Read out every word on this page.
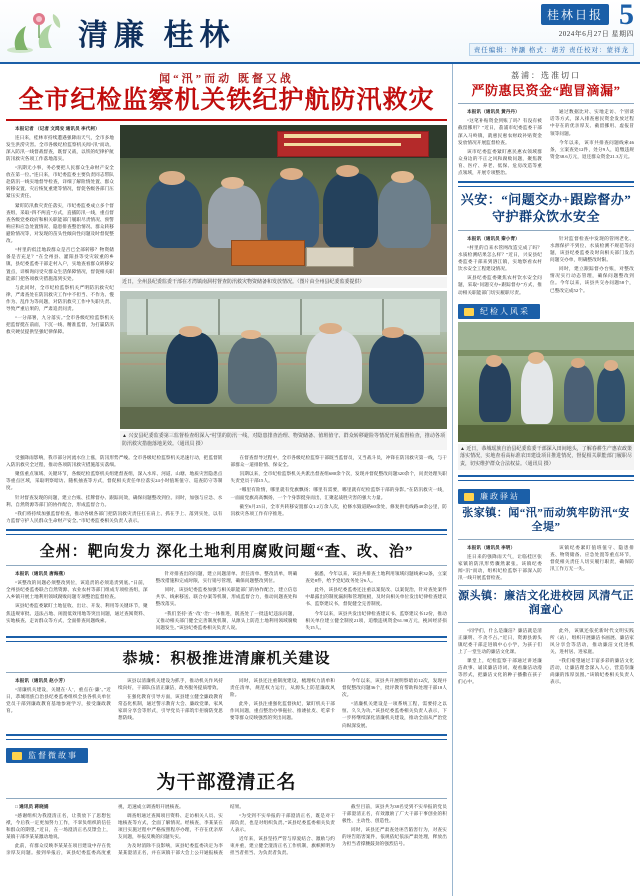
清廉 桂林
桂林日报 5
2024年6月27日 星期四
责任编辑：钟灏 格式：胡芳 责任校对：蒙祥龙
闻“汛”而动 既督又战
全市纪检监察机关铁纪护航防汛救灾

本报记者 （记者 文鸿安 通讯员 李代柯）

连日来，桂林市持续遭遇强降雨天气，全市多地发生洪涝灾害。全市各级纪检监察机关闻“汛”而动，深入防汛一线督战督查，既督又战，以铁的纪律护航防汛救灾各项工作落地落实。

“汛期无小事，务必要把人民群众生命财产安全放在第一位。”连日来，市纪委监委主要负责同志带队赴防汛一线实地督导检查，详细了解险情处置、群众转移安置、灾后恢复重建等情况，督促各级各部门压紧压实责任。

紧盯防汛救灾责任落实，市纪委监委成立多个督查组，采取“四不两直”方式，直插防汛一线，重点督查各级党委政府和相关职能部门履职尽责情况、预警响应和应急处置情况、隐患排查整治情况、群众转移避险情况等，对发现的苗头性倾向性问题及时督促整改。

“村里的低洼地段群众是否已全部转移？物资储备是否充足？”在全州县、灌阳县等受灾较重的乡镇，县纪委监委干部走村入户，实地查看群众转移安置点，详细询问受灾群众生活保障情况，督促相关职能部门把各项救灾措施落到实处。

与此同时，全市纪检监察机关严明防汛救灾纪律，严肃查处在防汛救灾工作中不担当、不作为、慢作为、乱作为等问题，对防汛救灾工作中失职失责、导致严重后果的，严肃追责问责。

“一分部署，九分落实。”全市各级纪检监察机关把监督挺在前面，下沉一线、精准监督，为打赢防汛救灾硬仗提供坚强纪律保障。

近日，全州县纪委监委干部在才湾镇南洞村督查防汛救灾物资储备和发放情况。（图片由全州县纪委监委提供）
▲ 兴安县纪委监委第三监督检查组深入“村里的防汛一线，对隐患排查治理、物资储备、值班值守、群众转移避险等情况开展监督检查，推动各项防汛救灾措施落地见效。（通讯员 摄）

受强降雨影响，我市部分河流水位上涨，防汛形势严峻。全市各级纪检监察机关迅速行动，把监督嵌入防汛救灾全过程，推动各项防汛救灾措施落实落细。

聚焦重点领域、关键环节，各级纪检监察机关组建督查组，深入水库、河道、山塘、地质灾害隐患点等重点区域，采取明察暗访、随机抽查等方式，督促相关责任单位落实24小时值班值守、巡查防守等制度。

针对督查发现的问题，建立台账、挂牌督办、跟踪问效，确保问题整改到位。同时，加强与应急、水利、自然资源等部门的协作配合，形成监督合力。

“我们将持续加强监督检查，推动各级各部门把防汛救灾责任扛在肩上、抓在手上、落到实处，以有力监督守护人民群众生命财产安全。”市纪委监委相关负责人表示。

在督查督导过程中，全市各级纪检监察干部既当监督员，又当战斗员，冲锋在防汛救灾第一线，与干部群众一道排险情、保安全。

汛期以来，全市纪检监察机关共派出督查组680余个次，发现并督促整改问题320余个，问责处理失职失责党员干部15人。

“哪里有险情，哪里就有党旗飘扬；哪里有需要，哪里就有纪检监察干部的身影。”在防汛救灾一线，一面面党旗高高飘扬，一个个身影挺身而出，汇聚起战胜灾害的强大力量。

截至6月25日，全市共转移安置群众1.2万余人次，抢修水毁道路60余处，修复供电线路40余公里，防汛救灾各项工作有序推进。

全州：靶向发力 深化土地利用腐败问题“查、改、治”

本报讯（通讯员 唐海燕）

“该整改的问题必须整改到位，该追责的必须追责到底。”日前，全州县纪委监委联合自然资源、农业农村等部门组成专项检查组，深入乡镇开展土地利用领域腐败问题专项整治监督检查。

该县纪委监委紧盯土地征收、出让、开发、利用等关键环节，聚焦违规审批、违法占地、闲置低效用地等突出问题，通过查阅资料、实地核查、走访群众等方式，全面排查问题线索。

针对排查出的问题，建立问题清单、责任清单、整改清单，明确整改措施和完成时限，实行销号管理，确保问题整改到位。

同时，该县纪委监委加强与相关职能部门的协作配合，建立信息共享、线索移送、联合办案等机制，形成监督合力，推动问题查处和整改落实。

“我们坚持‘查’‘改’‘治’一体推进，既查处了一批违纪违法问题，又推动相关部门健全完善制度机制，从源头上防范土地利用领域腐败问题发生。”该县纪委监委相关负责人说。

据悉，今年以来，该县共排查土地利用领域问题线索32条，立案查处8件，给予党纪政务处分6人。

此外，该县纪委监委还注重以案促改、以案促治，针对查处案件中暴露出的制度漏洞和管理短板，及时向相关单位发出纪律检查建议书、监察建议书，督促健全完善制度。

今年以来，该县共发出纪律检查建议书、监察建议书12份，推动相关单位建立健全制度21项，追缴违规资金61.98万元，挽回经济损失15人。

恭城：积极推进清廉机关建设

本报讯（通讯员 赵小芳）

“清廉机关建设，关键在‘人’，重点在‘廉’。”近日，恭城瑶族自治县纪委监委组织全县各机关单位党员干部到廉政教育基地参观学习，接受廉政教育。

该县以清廉机关建设为抓手，推动机关作风持续向好，干部队伍清正廉洁，政务服务提质增效。

在强化教育引导方面，该县建立健全廉政教育常态化机制，通过警示教育大会、廉政党课、家风家训分享会等形式，引导党员干部筑牢拒腐防变思想防线。

同时，该县还注重制度建设，梳理权力清单和责任清单，规范权力运行，从源头上防范廉政风险。

此外，该县注重强化监督执纪，紧盯机关干部作风问题，重点整治办事拖拉、推诿扯皮、吃拿卡要等群众反映强烈的突出问题。

今年以来，该县共开展明察暗访12次，发现并督促整改问题36个，批评教育帮助和处理干部18人次。

“清廉机关建设是一项系统工程，需要持之以恒、久久为功。”该县纪委监委相关负责人表示，下一步将继续深化清廉机关建设，推动全面从严治党向纵深发展。

监督微故事
为干部澄清正名

□ 通讯员 蒋晓娟

“感谢组织为我澄清正名，让我放下了思想包袱，今后我一定更加努力工作，不辜负组织的信任和群众的期望。”近日，在一场澄清正名反馈会上，某镇干部李某某激动地说。

此前，有群众反映李某某在项目建设中存在优亲厚友问题。接到举报后，该县纪委监委高度重视，迅速成立调查组开展核查。

调查组通过查阅项目资料、走访相关人员、实地核查等方式，全面了解情况。经核查，李某某在项目实施过程中严格按照程序办理，不存在优亲厚友问题，举报反映的问题失实。

为及时消除不良影响，该县纪委监委决定为李某某澄清正名，并在该镇干部大会上公开通报核查结果。

“为受到不实举报的干部澄清正名，既是对干部负责，也是对组织负责。”该县纪委监委相关负责人表示。

近年来，该县坚持严管与厚爱结合、激励与约束并重，建立健全澄清正名工作机制，旗帜鲜明为担当者担当、为负责者负责。

截至目前，该县共为38名受到不实举报的党员干部澄清正名，有效激励了广大干部干事创业的积极性、主动性、创造性。

同时，该县还严肃查处诬告陷害行为，对查实的诬告陷害案件，依规依纪依法严肃处理，释放出为担当者撑腰鼓劲的强烈信号。

荔浦：选准切口
严防惠民资金“跑冒滴漏”

本报讯（通讯员 黄丹丹）

“这笔补贴资金到账了吗？有没有被截留挪用？”近日，荔浦市纪委监委干部深入马岭镇，就惠民惠农财政补贴资金发放情况开展监督检查。

该市纪委监委紧盯惠民惠农领域群众身边的不正之风和腐败问题，聚焦教育、医疗、养老、低保、危房改造等重点领域，开展专项整治。

通过数据比对、实地走访、个别谈话等方式，深入排查惠民资金发放过程中存在的优亲厚友、截留挪用、虚报冒领等问题。

今年以来，该市共排查问题线索46条，立案查处12件，处分9人，追缴违规资金38.6万元，退还群众资金21.3万元。

兴安：“问题交办+跟踪督办”
守护群众饮水安全

本报讯（通讯员 秦小青）

“村里的自来水管网改造完成了吗？水质检测结果怎么样？”近日，兴安县纪委监委干部来到溶江镇，实地察看农村饮水安全工程建设情况。

该县纪委监委聚焦农村饮水安全问题，采取“问题交办+跟踪督办”方式，推动相关职能部门切实履职尽责。

针对监督检查中发现的管网老化、水源保护不到位、水质检测不规范等问题，该县纪委监委及时向相关部门发出问题交办单，明确整改时限。

同时，建立跟踪督办台账，对整改情况实行动态管理，确保问题整改到位。今年以来，该县共交办问题58个，已整改完成52个。

纪检人风采
▲ 近日，恭城瑶族自治县纪委监委干部深入田间地头，了解春耕生产惠农政策落实情况，实地查看高标准农田建设项目推进情况，督促相关职能部门履职尽责，切实维护群众合法权益。（通讯员 摄）
廉政驿站
张家镇：闻“汛”而动筑牢防汛“安全堤”

本报讯（通讯员 李明）

连日来的强降雨天气，让临桂区张家镇的防汛形势骤然紧张。该镇纪委闻“汛”而动，组织纪检监察干部深入防汛一线开展监督检查。

该镇纪委紧盯值班值守、隐患排查、物资储备、应急处置等重点环节，督促相关责任人切实履行职责，确保防汛工作万无一失。

源头镇：廉洁文化进校园 风清气正润童心

“同学们，什么是廉洁？廉洁就是清正廉明、不贪不占。”近日，资源县源头镇纪委干部走进镇中心小学，为孩子们上了一堂生动的廉洁文化课。

课堂上，纪检监察干部通过讲述廉洁故事、诵读廉洁诗词、观看廉洁动漫等形式，把廉洁文化的种子播撒在孩子们心中。

此外，该镇还依托新时代文明实践所（站），组织开展廉洁书画展、廉洁家风分享会等活动，推动廉洁文化进机关、进村居、进家庭。

“我们希望通过丰富多彩的廉洁文化活动，让廉洁理念深入人心，营造崇廉尚廉的浓厚氛围。”该镇纪委相关负责人表示。
